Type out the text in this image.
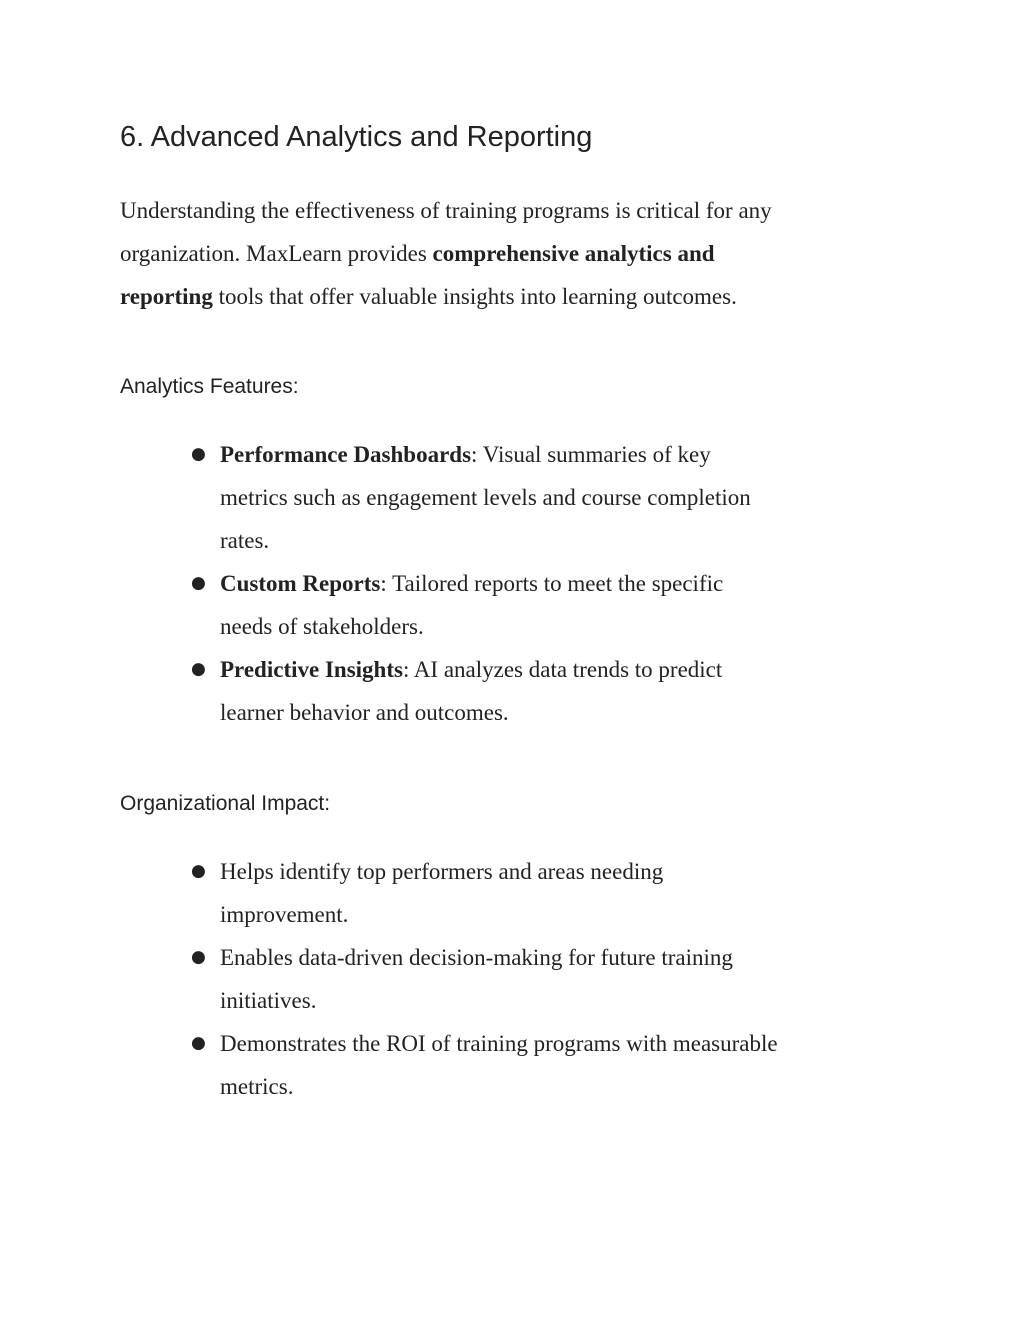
6. Advanced Analytics and Reporting

Understanding the effectiveness of training programs is critical for any
organization. MaxLearn provides comprehensive analytics and
reporting tools that offer valuable insights into learning outcomes.

Analytics Features:
● Performance Dashboards: Visual summaries of key
metrics such as engagement levels and course completion
rates.
● Custom Reports: Tailored reports to meet the specific
needs of stakeholders.
● Predictive Insights: AI analyzes data trends to predict
learner behavior and outcomes.
Organizational Impact:
● Helps identify top performers and areas needing
improvement.
● Enables data-driven decision-making for future training
initiatives.
● Demonstrates the ROI of training programs with measurable
metrics.
